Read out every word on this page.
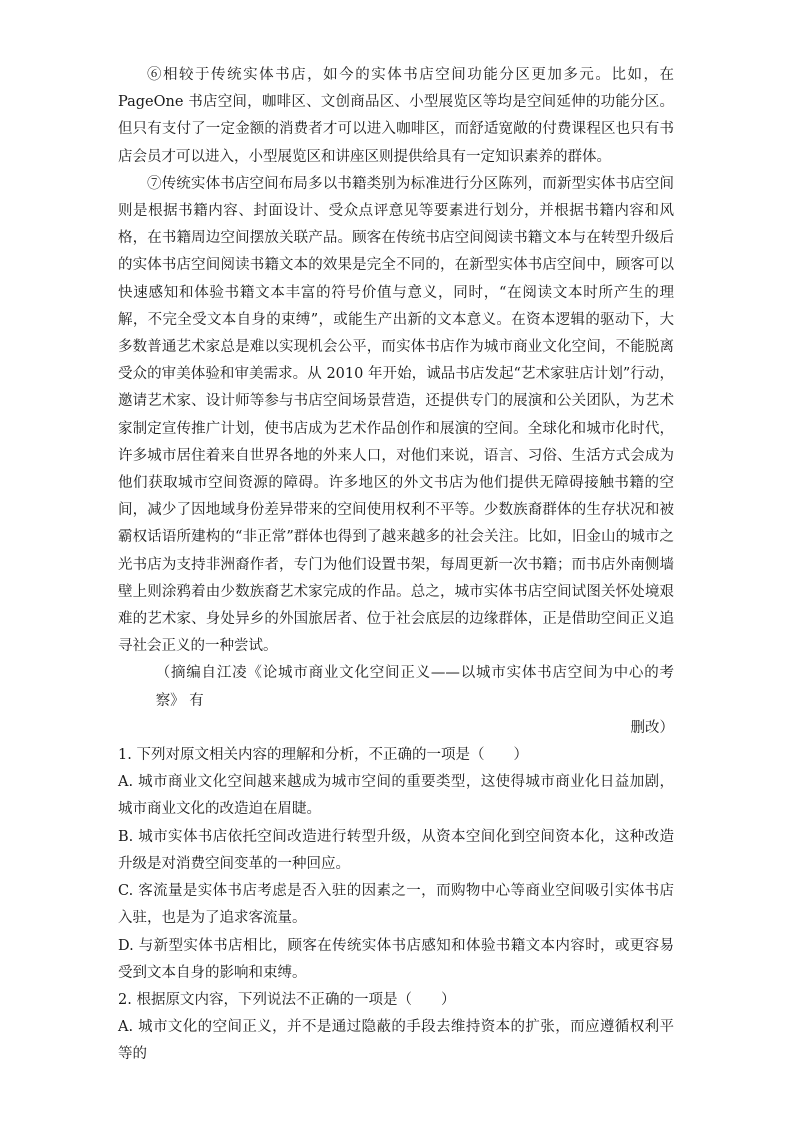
⑥相较于传统实体书店，如今的实体书店空间功能分区更加多元。比如，在 PageOne 书店空间，咖啡区、文创商品区、小型展览区等均是空间延伸的功能分区。但只有支付了一定金额的消费者才可以进入咖啡区，而舒适宽敞的付费课程区也只有书店会员才可以进入，小型展览区和讲座区则提供给具有一定知识素养的群体。

⑦传统实体书店空间布局多以书籍类别为标准进行分区陈列，而新型实体书店空间则是根据书籍内容、封面设计、受众点评意见等要素进行划分，并根据书籍内容和风格，在书籍周边空间摆放关联产品。顾客在传统书店空间阅读书籍文本与在转型升级后的实体书店空间阅读书籍文本的效果是完全不同的，在新型实体书店空间中，顾客可以快速感知和体验书籍文本丰富的符号价值与意义，同时，“在阅读文本时所产生的理解，不完全受文本自身的束缚”，或能生产出新的文本意义。在资本逻辑的驱动下，大多数普通艺术家总是难以实现机会公平，而实体书店作为城市商业文化空间，不能脱离受众的审美体验和审美需求。从 2010 年开始，诚品书店发起“艺术家驻店计划”行动，邀请艺术家、设计师等参与书店空间场景营造，还提供专门的展演和公关团队，为艺术家制定宣传推广计划，使书店成为艺术作品创作和展演的空间。全球化和城市化时代，许多城市居住着来自世界各地的外来人口，对他们来说，语言、习俗、生活方式会成为他们获取城市空间资源的障碍。许多地区的外文书店为他们提供无障碍接触书籍的空间，减少了因地域身份差异带来的空间使用权利不平等。少数族裔群体的生存状况和被霸权话语所建构的“非正常”群体也得到了越来越多的社会关注。比如，旧金山的城市之光书店为支持非洲裔作者，专门为他们设置书架，每周更新一次书籍；而书店外南侧墙壁上则涂鸦着由少数族裔艺术家完成的作品。总之，城市实体书店空间试图关怀处境艰难的艺术家、身处异乡的外国旅居者、位于社会底层的边缘群体，正是借助空间正义追寻社会正义的一种尝试。

（摘编自江凌《论城市商业文化空间正义——以城市实体书店空间为中心的考察》 有

删改）

1. 下列对原文相关内容的理解和分析，不正确的一项是（　　）

A. 城市商业文化空间越来越成为城市空间的重要类型，这使得城市商业化日益加剧，城市商业文化的改造迫在眉睫。

B. 城市实体书店依托空间改造进行转型升级，从资本空间化到空间资本化，这种改造升级是对消费空间变革的一种回应。

C. 客流量是实体书店考虑是否入驻的因素之一，而购物中心等商业空间吸引实体书店入驻，也是为了追求客流量。

D. 与新型实体书店相比，顾客在传统实体书店感知和体验书籍文本内容时，或更容易受到文本自身的影响和束缚。

2. 根据原文内容，下列说法不正确的一项是（　　）

A. 城市文化的空间正义，并不是通过隐蔽的手段去维持资本的扩张，而应遵循权利平等的
